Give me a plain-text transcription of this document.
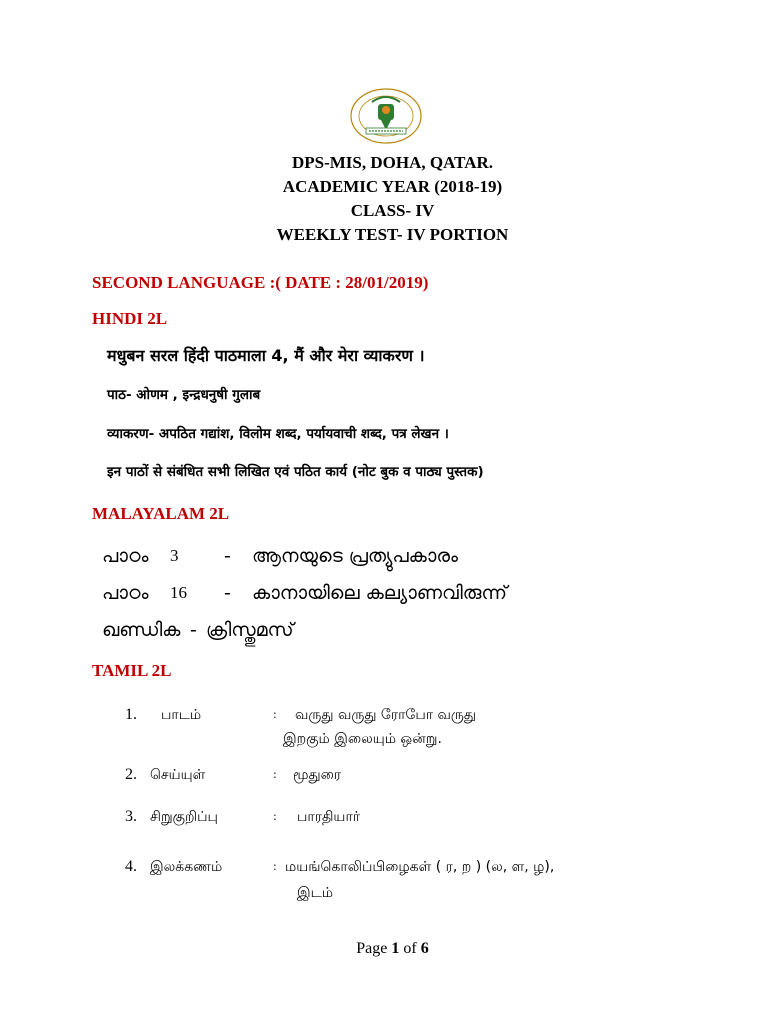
DPS-MIS, DOHA, QATAR.
ACADEMIC YEAR (2018-19)
CLASS- IV
WEEKLY TEST- IV PORTION
SECOND LANGUAGE :( DATE : 28/01/2019)
HINDI 2L
मधुबन सरल हिंदी पाठमाला 4, मैं और मेरा व्याकरण ।
पाठ- ओणम , इन्द्रधनुषी गुलाब
व्याकरण- अपठित गद्यांश, विलोम शब्द, पर्यायवाची शब्द, पत्र लेखन ।
इन पाठों से संबंधित सभी लिखित एवं पठित कार्य (नोट बुक व पाठ्य पुस्तक)
MALAYALAM 2L
പാഠം 3 - ആനയുടെ പ്രത്യുപകാരം
പാഠം 16 - കാനായിലെ കല്യാണവിരുന്ന്
ഖണ്ഡിക - ക്രിസ്തുമസ്
TAMIL 2L
1. பாடம்	: வருது வருது ரோபோ வருது
இறகும் இலையும் ஒன்று.
2. செய்யுள்	: மூதுரை
3. சிறுகுறிப்பு	: பாரதியார்
4. இலக்கணம்	: மயங்கொலிப்பிழைகள் ( ர, ற ) (ல, ள, ழ),
இடம்
Page 1 of 6
